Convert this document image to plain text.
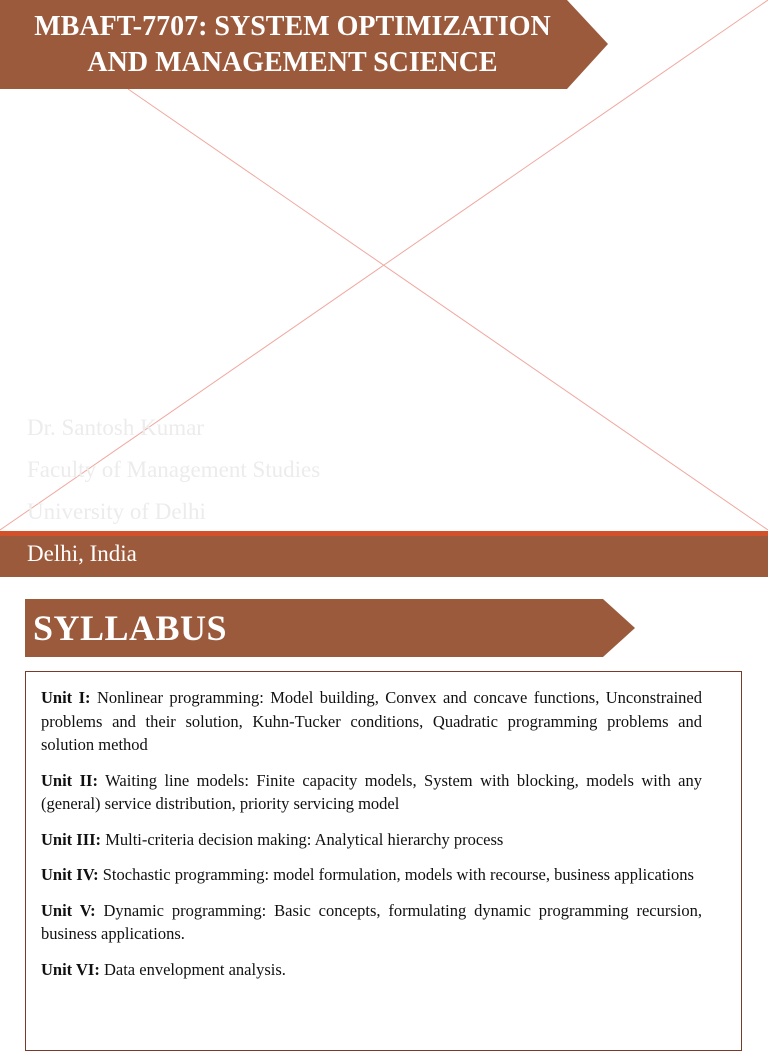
MBAFT-7707: SYSTEM OPTIMIZATION
AND MANAGEMENT SCIENCE
Dr. Santosh Kumar
Faculty of Management Studies
University of Delhi
Delhi, India
SYLLABUS

Unit I: Nonlinear programming: Model building, Convex and concave functions, Unconstrained problems and their solution, Kuhn-Tucker conditions, Quadratic programming problems and solution method

Unit II: Waiting line models: Finite capacity models, System with blocking, models with any (general) service distribution, priority servicing model

Unit III: Multi-criteria decision making: Analytical hierarchy process

Unit IV: Stochastic programming: model formulation, models with recourse, business applications

Unit V: Dynamic programming: Basic concepts, formulating dynamic programming recursion, business applications.

Unit VI: Data envelopment analysis.
